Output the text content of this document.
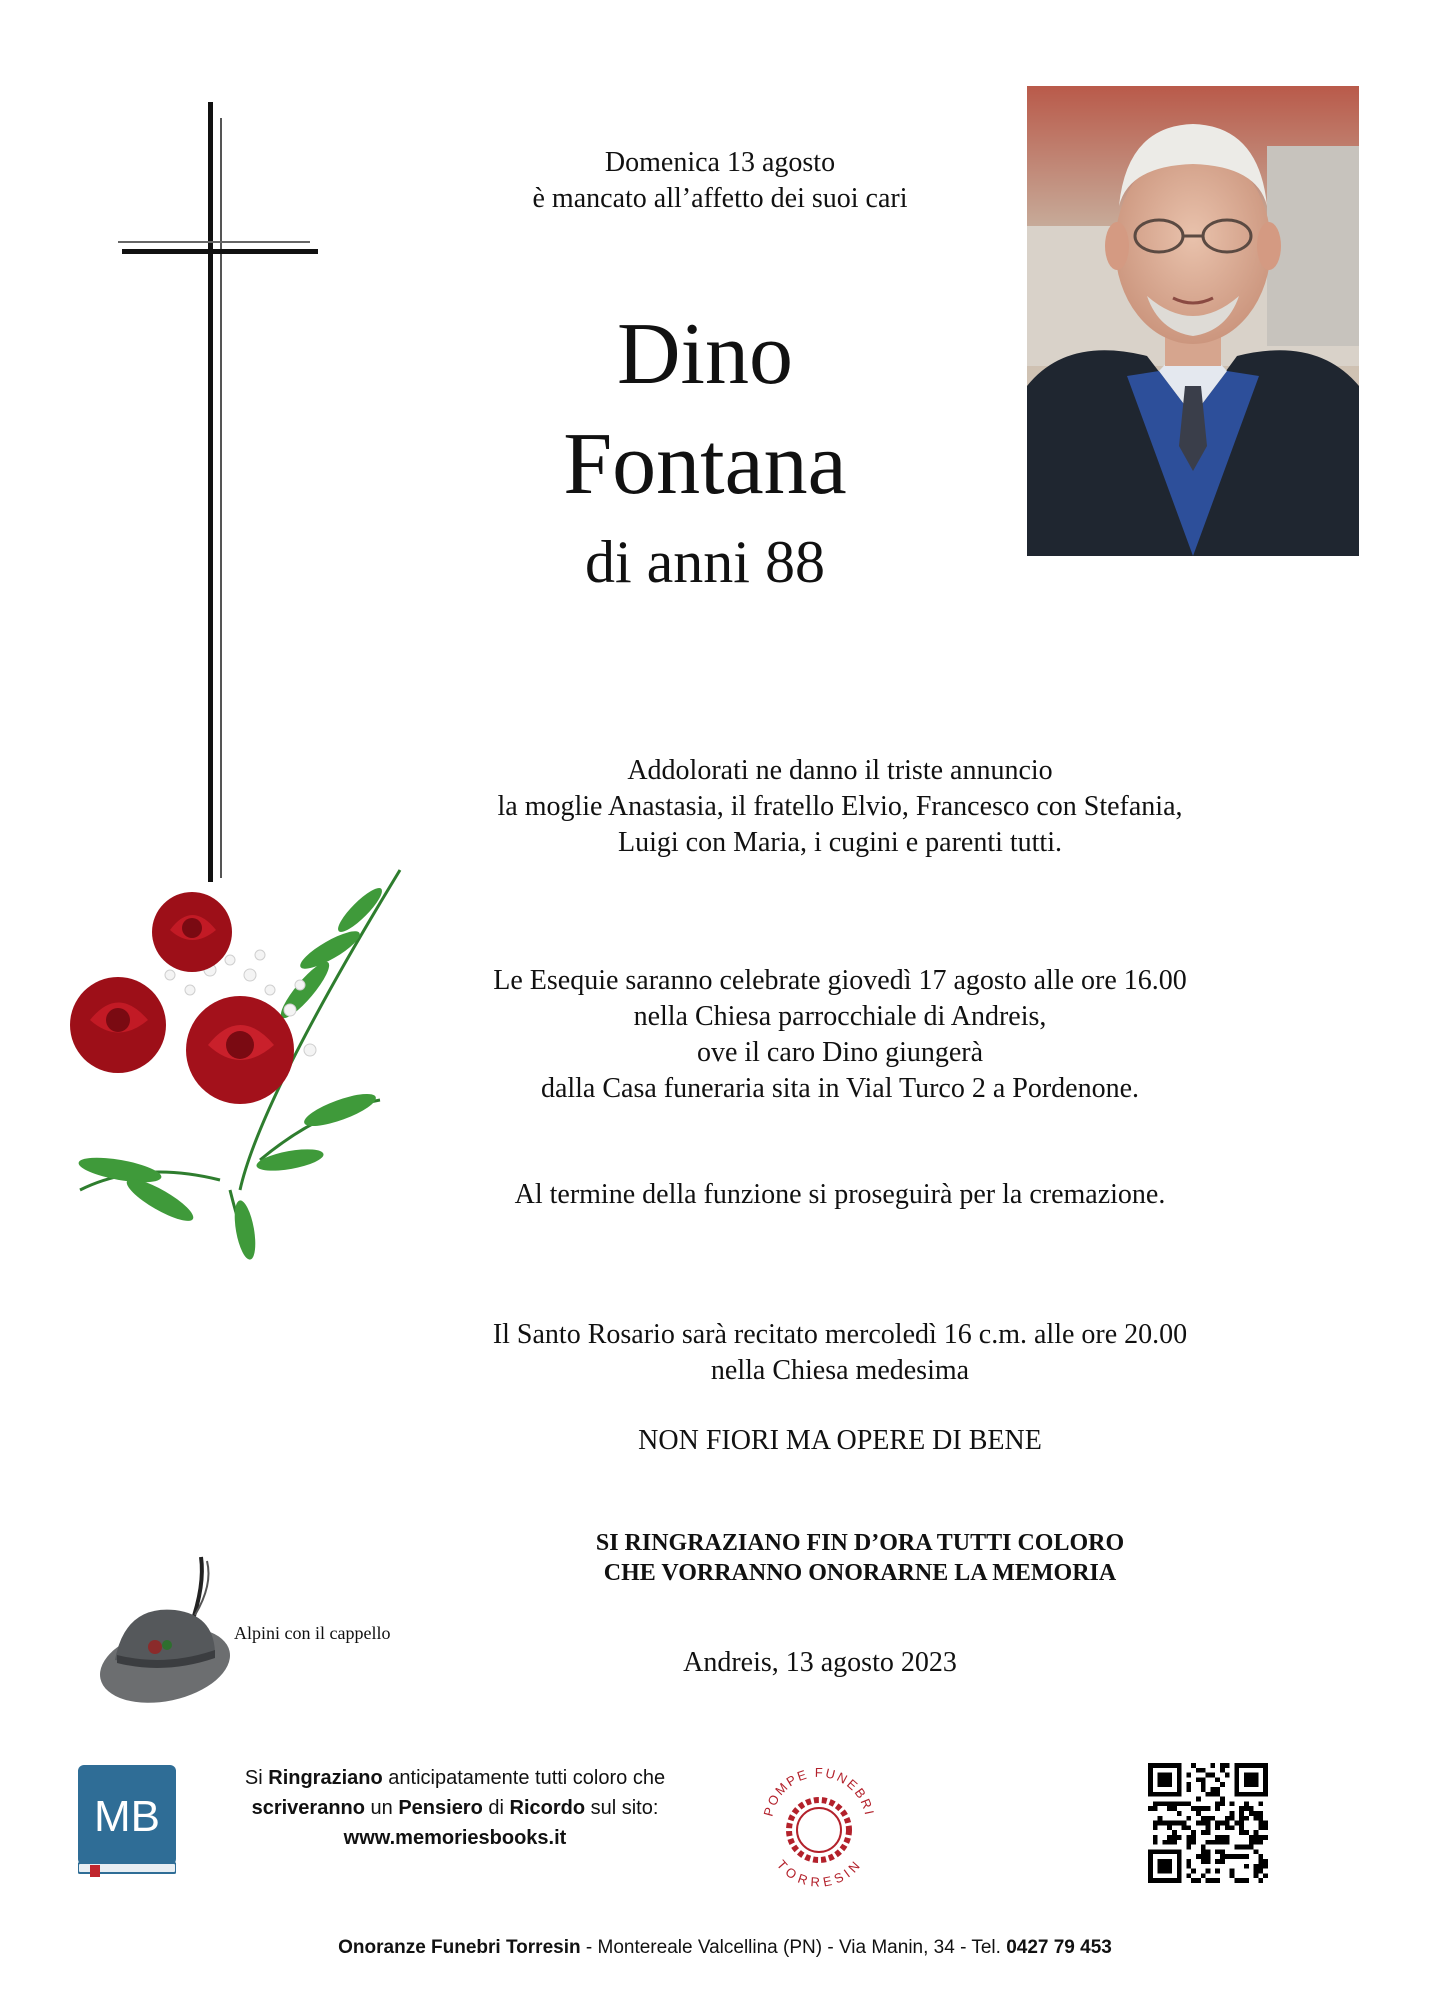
Domenica 13 agosto
è mancato all’affetto dei suoi cari
Dino
Fontana
di anni 88
Addolorati ne danno il triste annuncio
la moglie Anastasia, il fratello Elvio, Francesco con Stefania,
Luigi con Maria, i cugini e parenti tutti.
Le Esequie saranno celebrate giovedì 17 agosto alle ore 16.00
nella Chiesa parrocchiale di Andreis,
ove il caro Dino giungerà
dalla Casa funeraria sita in Vial Turco 2 a Pordenone.
Al termine della funzione si proseguirà per la cremazione.
Il Santo Rosario sarà recitato mercoledì 16 c.m. alle ore 20.00
nella Chiesa medesima
NON FIORI MA OPERE DI BENE
SI RINGRAZIANO FIN D’ORA TUTTI COLORO
CHE VORRANNO ONORARNE LA MEMORIA
Alpini con il cappello
Andreis, 13 agosto 2023
MB
Si Ringraziano anticipatamente tutti coloro che
scriveranno un Pensiero di Ricordo sul sito:
www.memoriesbooks.it
POMPE FUNEBRI
TORRESIN
Onoranze Funebri Torresin - Montereale Valcellina (PN) - Via Manin, 34 - Tel. 0427 79 453
